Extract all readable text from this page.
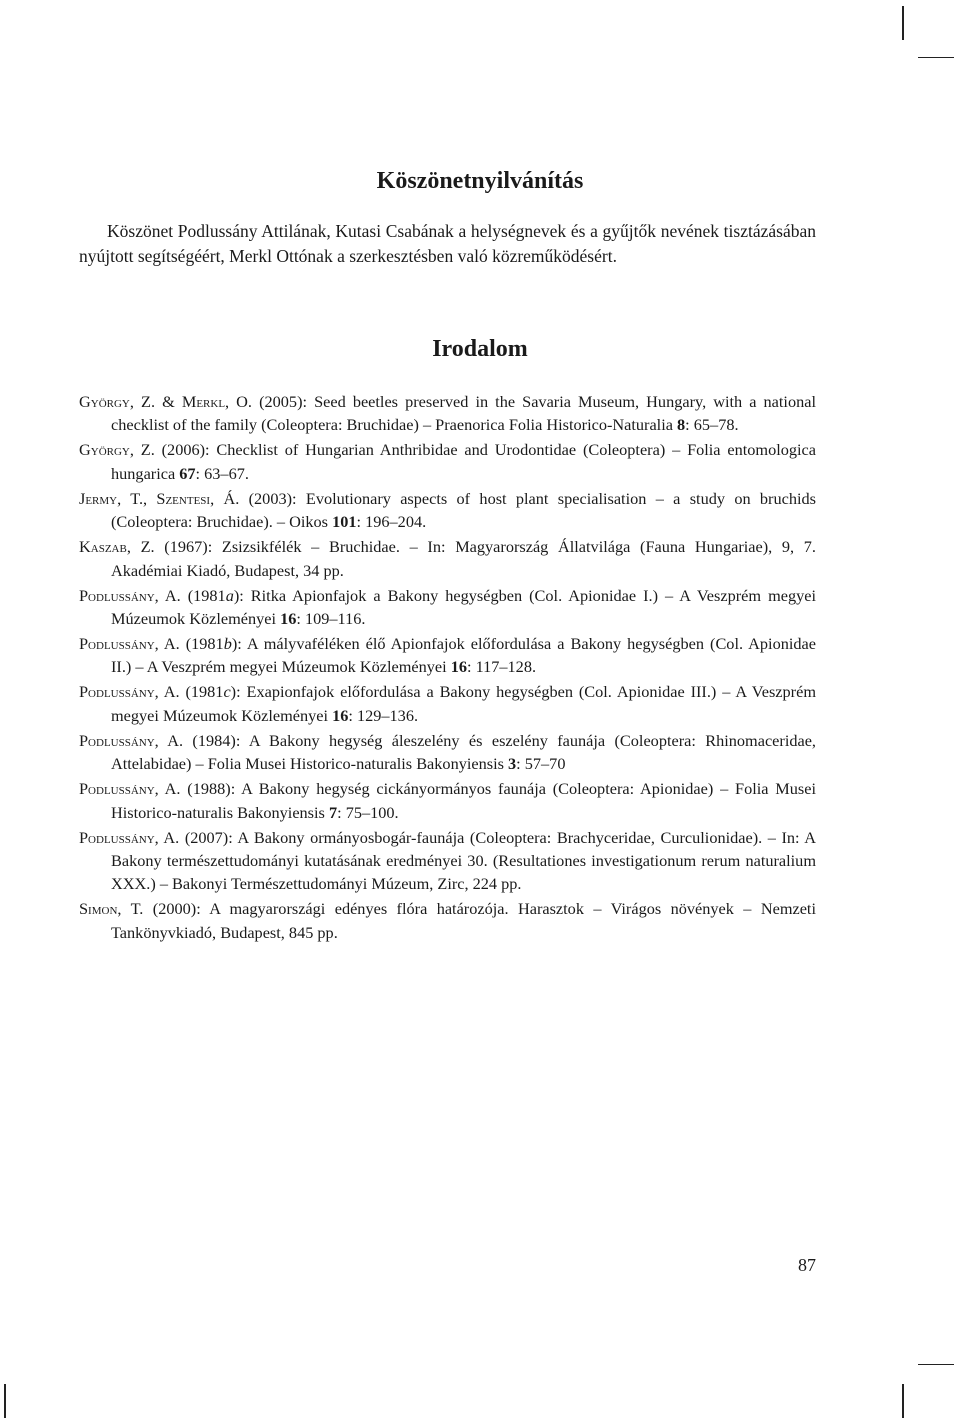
Köszönetnyilvánítás

Köszönet Podlussány Attilának, Kutasi Csabának a helységnevek és a gyűjtők nevének tisztázásában nyújtott segítségéért, Merkl Ottónak a szerkesztésben való közreműködésért.

Irodalom
György, Z. & Merkl, O. (2005): Seed beetles preserved in the Savaria Museum, Hungary, with a national checklist of the family (Coleoptera: Bruchidae) – Praenorica Folia Historico-Naturalia 8: 65–78.
György, Z. (2006): Checklist of Hungarian Anthribidae and Urodontidae (Coleoptera) – Folia entomologica hungarica 67: 63–67.
Jermy, T., Szentesi, Á. (2003): Evolutionary aspects of host plant specialisation – a study on bruchids (Coleoptera: Bruchidae). – Oikos 101: 196–204.
Kaszab, Z. (1967): Zsizsikfélék – Bruchidae. – In: Magyarország Állatvilága (Fauna Hungariae), 9, 7. Akadémiai Kiadó, Budapest, 34 pp.
Podlussány, A. (1981a): Ritka Apionfajok a Bakony hegységben (Col. Apionidae I.) – A Veszprém megyei Múzeumok Közleményei 16: 109–116.
Podlussány, A. (1981b): A mályvaféléken élő Apionfajok előfordulása a Bakony hegységben (Col. Apionidae II.) – A Veszprém megyei Múzeumok Közleményei 16: 117–128.
Podlussány, A. (1981c): Exapionfajok előfordulása a Bakony hegységben (Col. Apionidae III.) – A Veszprém megyei Múzeumok Közleményei 16: 129–136.
Podlussány, A. (1984): A Bakony hegység áleszelény és eszelény faunája (Coleoptera: Rhinomaceridae, Attelabidae) – Folia Musei Historico-naturalis Bakonyiensis 3: 57–70
Podlussány, A. (1988): A Bakony hegység cickányormányos faunája (Coleoptera: Apionidae) – Folia Musei Historico-naturalis Bakonyiensis 7: 75–100.
Podlussány, A. (2007): A Bakony ormányosbogár-faunája (Coleoptera: Brachyceridae, Curculionidae). – In: A Bakony természettudományi kutatásának eredményei 30. (Resultationes investigationum rerum naturalium XXX.) – Bakonyi Természettudományi Múzeum, Zirc, 224 pp.
Simon, T. (2000): A magyarországi edényes flóra határozója. Harasztok – Virágos növények – Nemzeti Tankönyvkiadó, Budapest, 845 pp.
87
